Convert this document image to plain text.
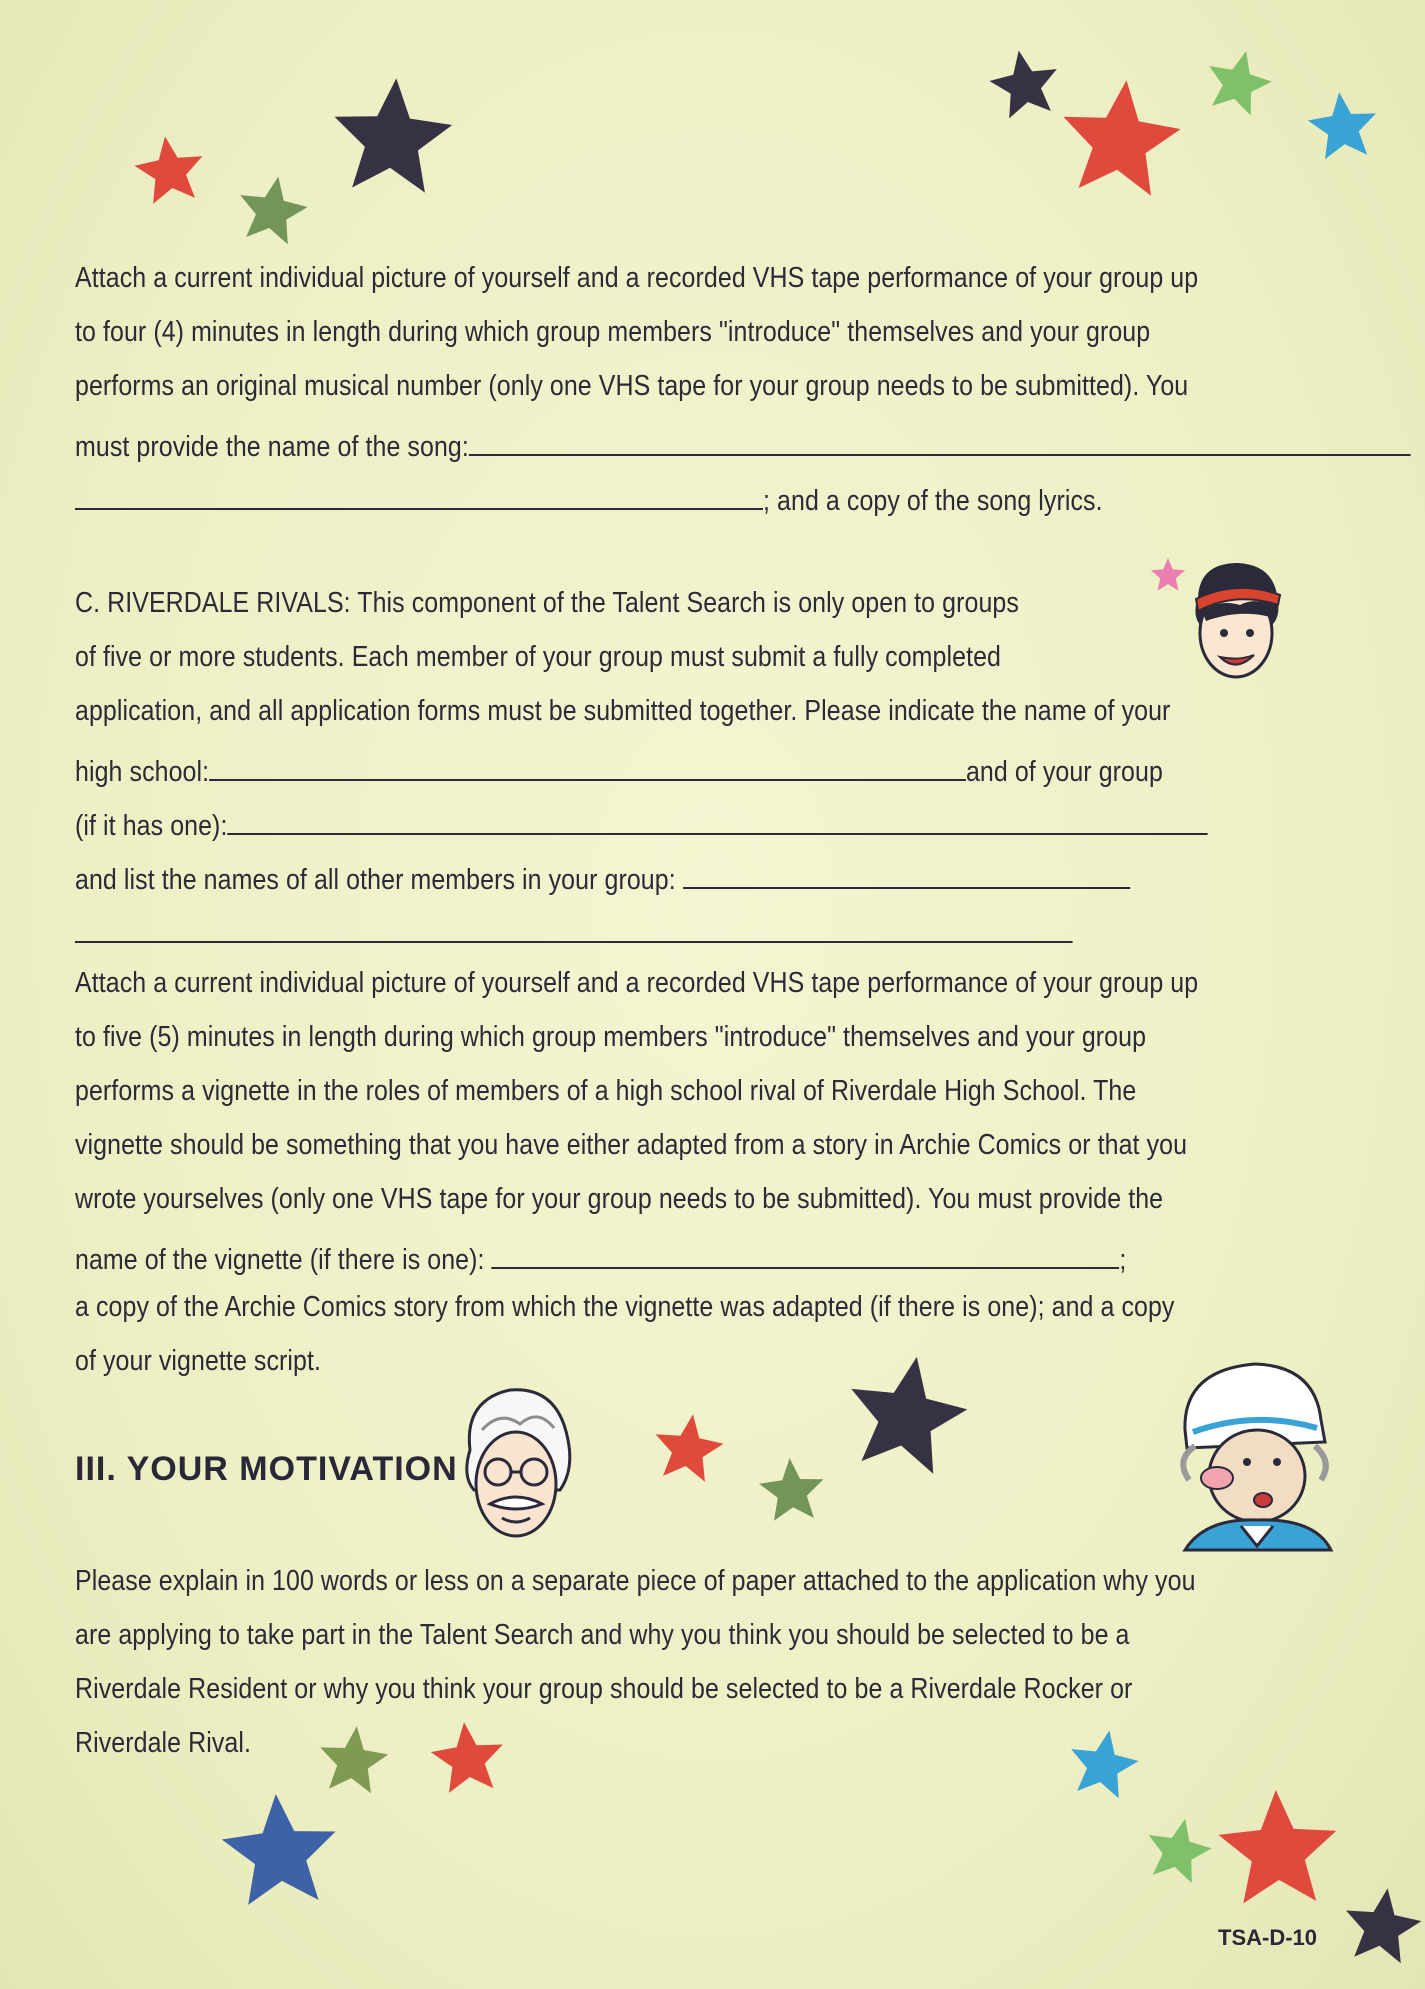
Attach a current individual picture of yourself and a recorded VHS tape performance of your group up
to four (4) minutes in length during which group members "introduce" themselves and your group
performs an original musical number (only one VHS tape for your group needs to be submitted). You
must provide the name of the song:
; and a copy of the song lyrics.
C. RIVERDALE RIVALS: This component of the Talent Search is only open to groups
of five or more students. Each member of your group must submit a fully completed
application, and all application forms must be submitted together. Please indicate the name of your
high school:	and of your group
(if it has one):
and list the names of all other members in your group:
Attach a current individual picture of yourself and a recorded VHS tape performance of your group up
to five (5) minutes in length during which group members "introduce" themselves and your group
performs a vignette in the roles of members of a high school rival of Riverdale High School. The
vignette should be something that you have either adapted from a story in Archie Comics or that you
wrote yourselves (only one VHS tape for your group needs to be submitted). You must provide the
name of the vignette (if there is one):	;
a copy of the Archie Comics story from which the vignette was adapted (if there is one); and a copy
of your vignette script.
III. YOUR MOTIVATION
Please explain in 100 words or less on a separate piece of paper attached to the application why you
are applying to take part in the Talent Search and why you think you should be selected to be a
Riverdale Resident or why you think your group should be selected to be a Riverdale Rocker or
Riverdale Rival.
TSA-D-10
